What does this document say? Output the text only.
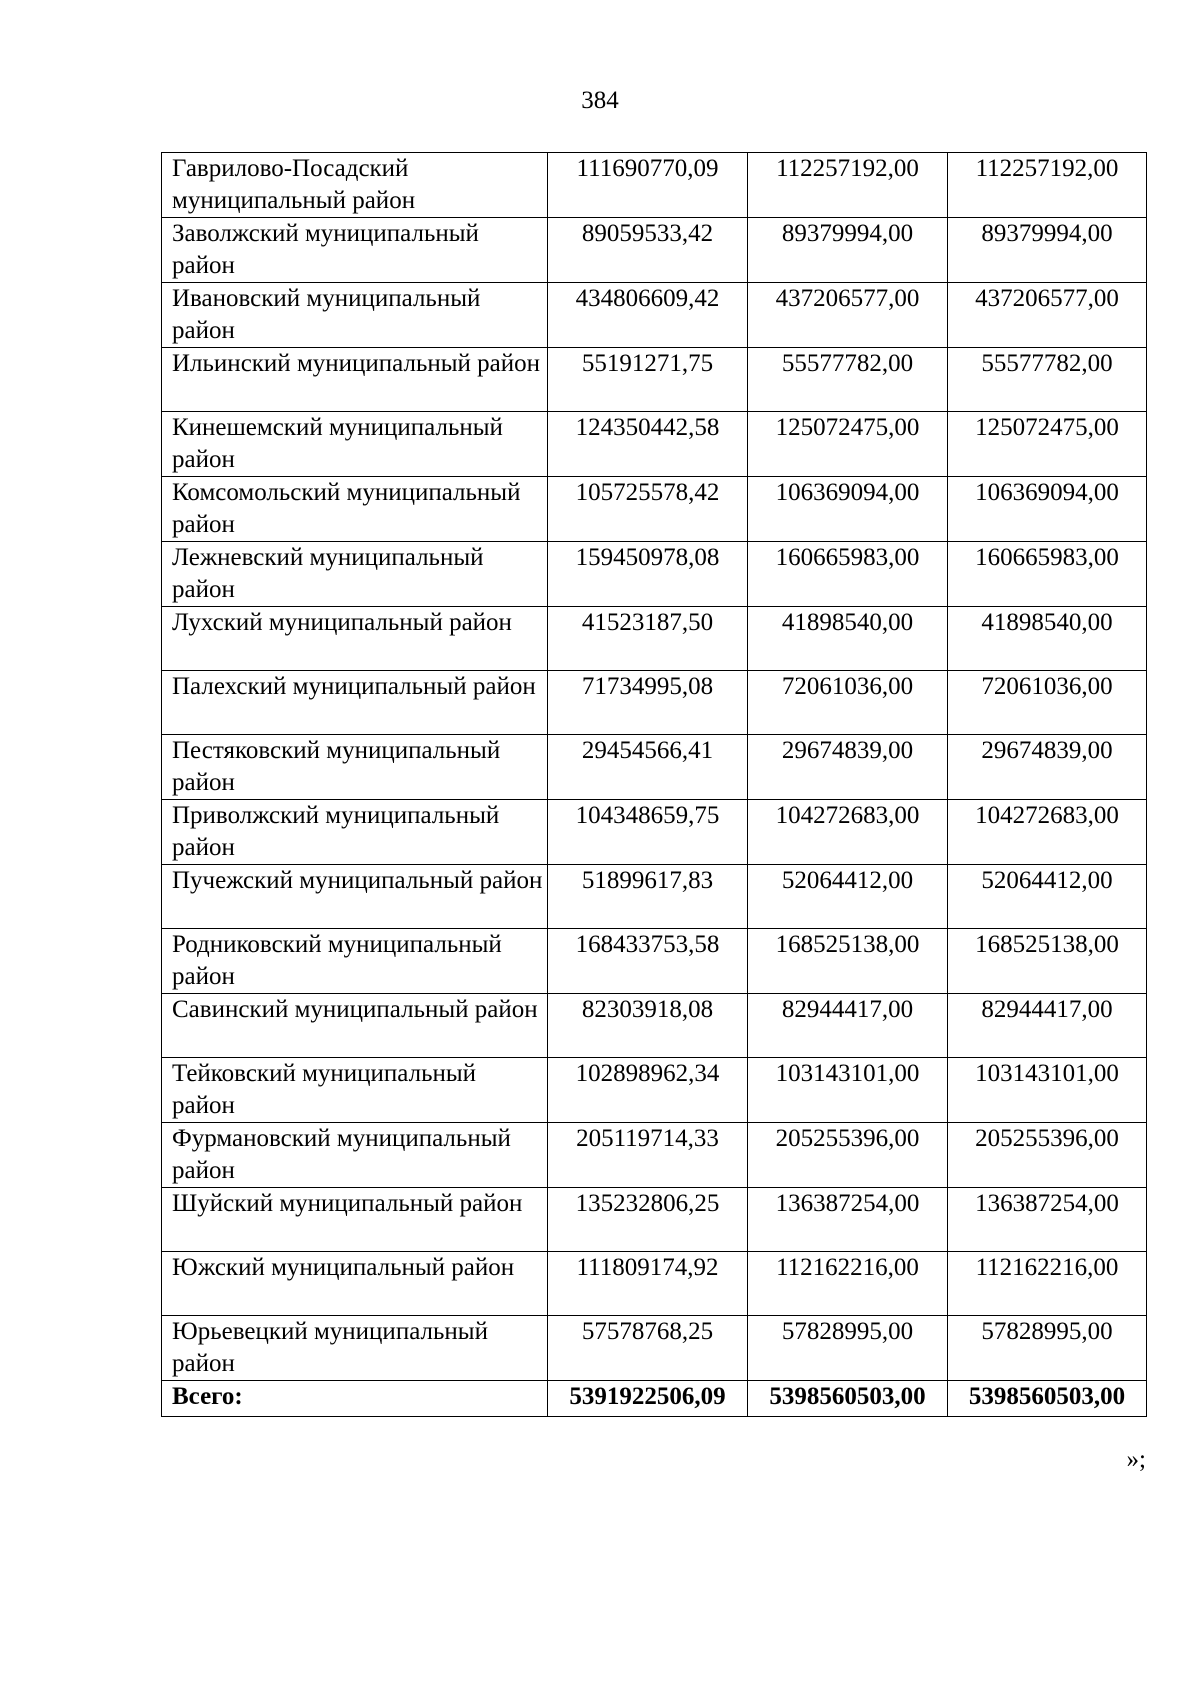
384
Гаврилово-Посадский муниципальный район	111690770,09	112257192,00	112257192,00
Заволжский муниципальный район	89059533,42	89379994,00	89379994,00
Ивановский муниципальный район	434806609,42	437206577,00	437206577,00
Ильинский муниципальный район	55191271,75	55577782,00	55577782,00
Кинешемский муниципальный район	124350442,58	125072475,00	125072475,00
Комсомольский муниципальный район	105725578,42	106369094,00	106369094,00
Лежневский муниципальный район	159450978,08	160665983,00	160665983,00
Лухский муниципальный район	41523187,50	41898540,00	41898540,00
Палехский муниципальный район	71734995,08	72061036,00	72061036,00
Пестяковский муниципальный район	29454566,41	29674839,00	29674839,00
Приволжский муниципальный район	104348659,75	104272683,00	104272683,00
Пучежский муниципальный район	51899617,83	52064412,00	52064412,00
Родниковский муниципальный район	168433753,58	168525138,00	168525138,00
Савинский муниципальный район	82303918,08	82944417,00	82944417,00
Тейковский муниципальный район	102898962,34	103143101,00	103143101,00
Фурмановский муниципальный район	205119714,33	205255396,00	205255396,00
Шуйский муниципальный район	135232806,25	136387254,00	136387254,00
Южский муниципальный район	111809174,92	112162216,00	112162216,00
Юрьевецкий муниципальный район	57578768,25	57828995,00	57828995,00
Всего:	5391922506,09	5398560503,00	5398560503,00
»;
